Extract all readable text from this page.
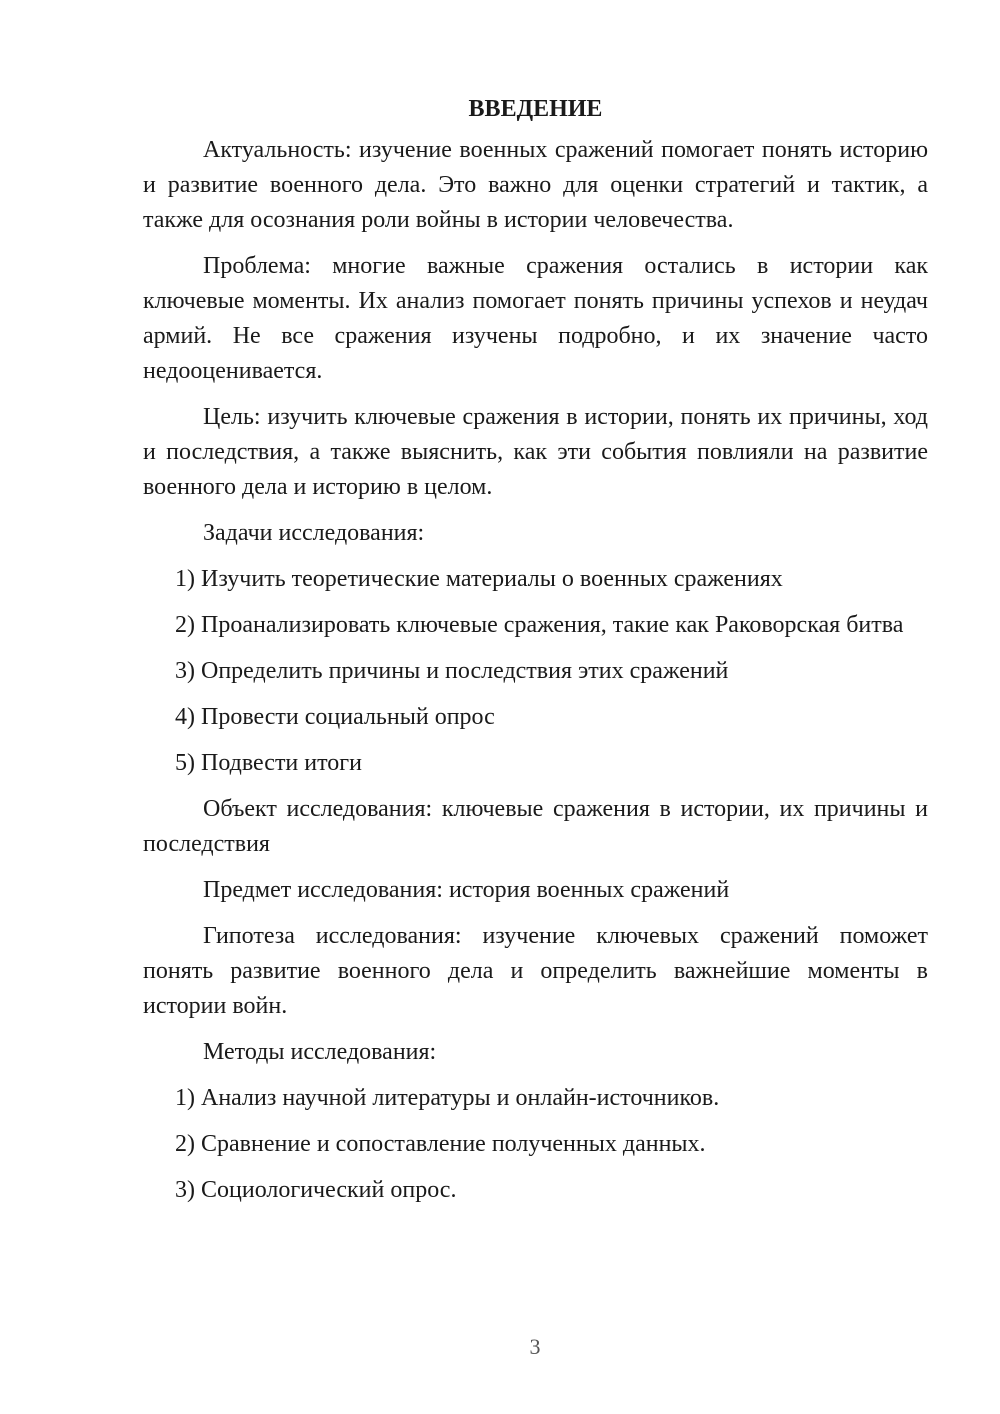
ВВЕДЕНИЕ

Актуальность: изучение военных сражений помогает понять историю и развитие военного дела. Это важно для оценки стратегий и тактик, а также для осознания роли войны в истории человечества.

Проблема: многие важные сражения остались в истории как ключевые моменты. Их анализ помогает понять причины успехов и неудач армий. Не все сражения изучены подробно, и их значение часто недооценивается.

Цель: изучить ключевые сражения в истории, понять их причины, ход и последствия, а также выяснить, как эти события повлияли на развитие военного дела и историю в целом.

Задачи исследования:

1) Изучить теоретические материалы о военных сражениях

2) Проанализировать ключевые сражения, такие как Раковорская битва

3) Определить причины и последствия этих сражений

4) Провести социальный опрос

5) Подвести итоги

Объект исследования: ключевые сражения в истории, их причины и последствия

Предмет исследования: история военных сражений

Гипотеза исследования: изучение ключевых сражений поможет понять развитие военного дела и определить важнейшие моменты в истории войн.

Методы исследования:

1) Анализ научной литературы и онлайн-источников.

2) Сравнение и сопоставление полученных данных.

3) Социологический опрос.

3
